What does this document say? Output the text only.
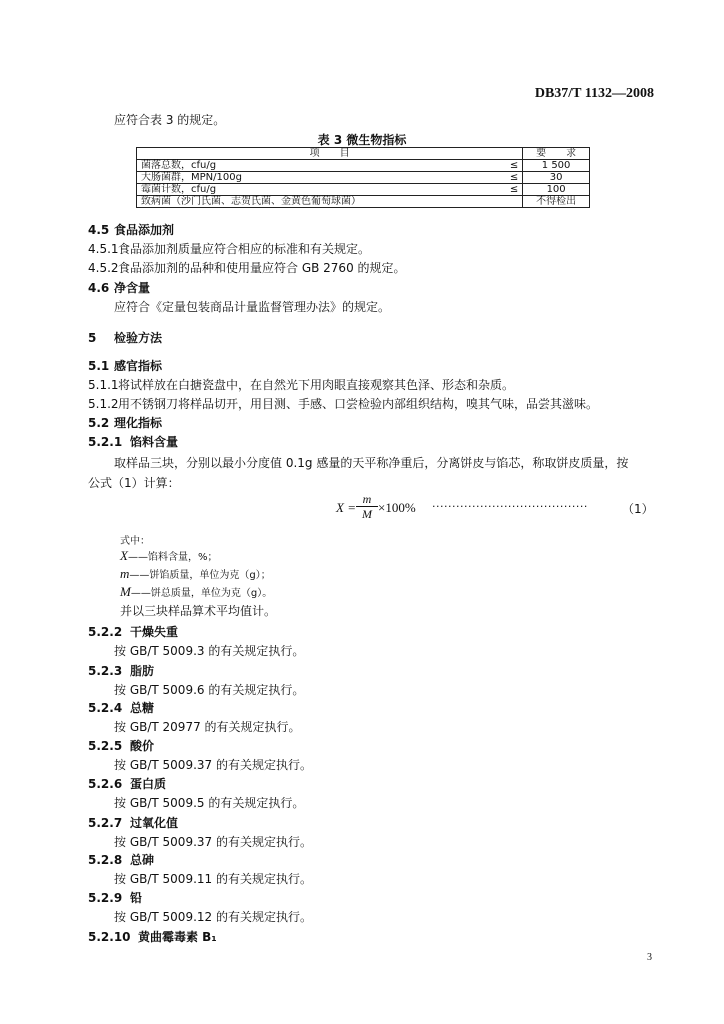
DB37/T 1132—2008
应符合表 3 的规定。
表 3 微生物指标
项　　目		要　　求
菌落总数，cfu/g	≤	1 500
大肠菌群，MPN/100g	≤	30
霉菌计数，cfu/g	≤	100
致病菌（沙门氏菌、志贺氏菌、金黄色葡萄球菌）		不得检出
4.5 食品添加剂
4.5.1食品添加剂质量应符合相应的标准和有关规定。
4.5.2食品添加剂的品种和使用量应符合 GB 2760 的规定。
4.6 净含量
应符合《定量包装商品计量监督管理办法》的规定。
5 检验方法
5.1 感官指标
5.1.1将试样放在白搪瓷盘中，在自然光下用肉眼直接观察其色泽、形态和杂质。
5.1.2用不锈钢刀将样品切开，用目测、手感、口尝检验内部组织结构，嗅其气味，品尝其滋味。
5.2 理化指标
5.2.1 馅料含量
取样品三块，分别以最小分度值 0.1g 感量的天平称净重后，分离饼皮与馅芯，称取饼皮质量，按
公式（1）计算：
$X = \frac{m}{M} \times 100\%$ ·······································	（1）
式中：
X——馅料含量，%；
m——饼馅质量，单位为克（g）；
M——饼总质量，单位为克（g）。
并以三块样品算术平均值计。
5.2.2 干燥失重
按 GB/T 5009.3 的有关规定执行。
5.2.3 脂肪
按 GB/T 5009.6 的有关规定执行。
5.2.4 总糖
按 GB/T 20977 的有关规定执行。
5.2.5 酸价
按 GB/T 5009.37 的有关规定执行。
5.2.6 蛋白质
按 GB/T 5009.5 的有关规定执行。
5.2.7 过氧化值
按 GB/T 5009.37 的有关规定执行。
5.2.8 总砷
按 GB/T 5009.11 的有关规定执行。
5.2.9 铅
按 GB/T 5009.12 的有关规定执行。
5.2.10 黄曲霉毒素 B₁
3
